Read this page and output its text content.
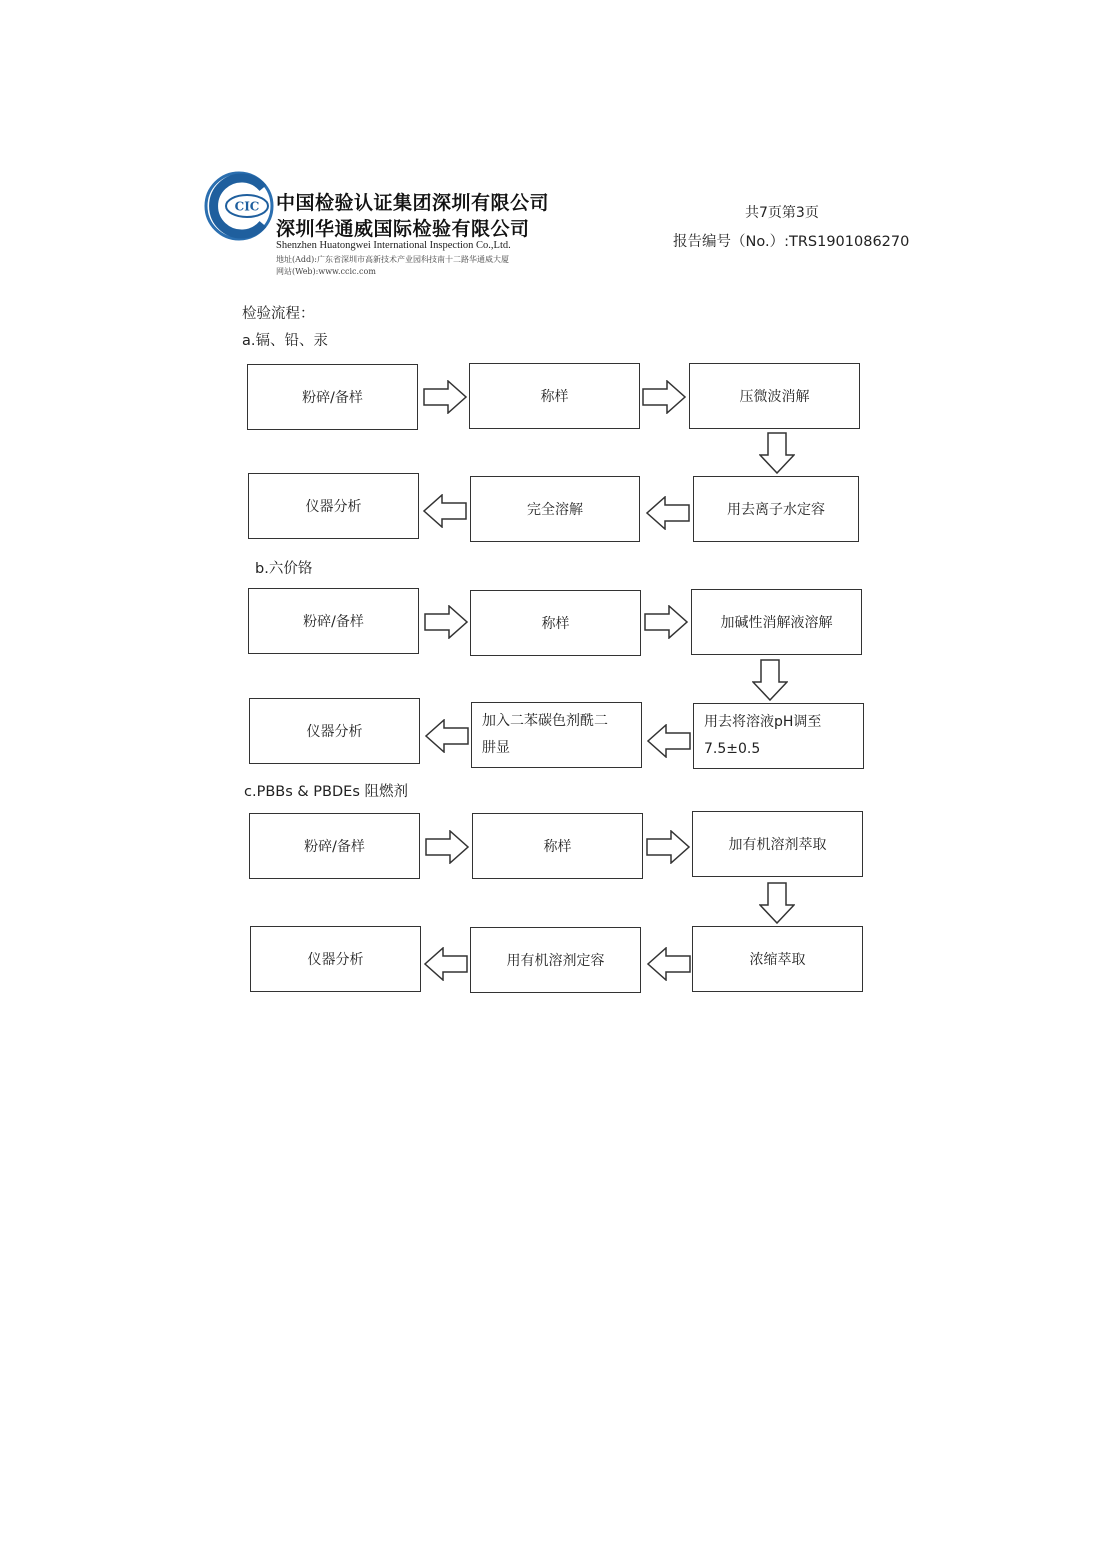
CIC 中国检验认证集团深圳有限公司
深圳华通威国际检验有限公司
Shenzhen Huatongwei International Inspection Co.,Ltd.
地址(Add):广东省深圳市高新技术产业园科技南十二路华通威大厦
网站(Web):www.ccic.com
共7页第3页
报告编号（No.）:TRS1901086270
检验流程：
a.镉、铅、汞
b.六价铬
c.PBBs & PBDEs 阻燃剂
粉碎/备样	称样	压微波消解
用去离子水定容
完全溶解
仪器分析
粉碎/备样	称样	加碱性消解液溶解
用去将溶液pH调至
7.5±0.5
加入二苯碳色剂酰二
肼显
仪器分析
粉碎/备样	称样	加有机溶剂萃取
浓缩萃取
用有机溶剂定容
仪器分析
